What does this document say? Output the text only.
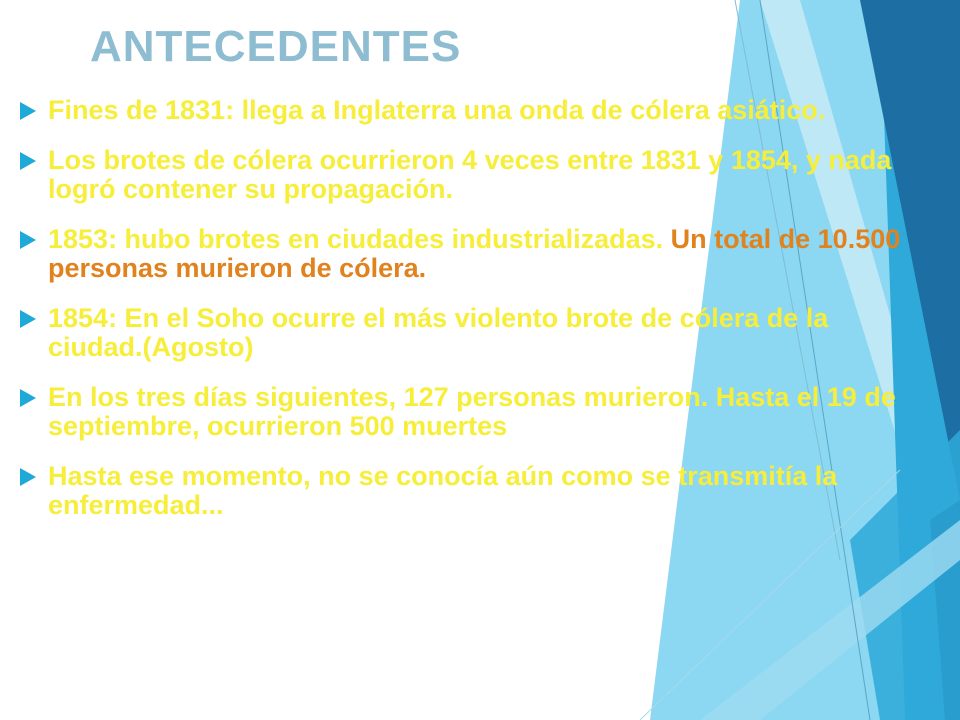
ANTECEDENTES
Fines de 1831: llega a Inglaterra una onda de cólera asiático.
Los brotes de cólera ocurrieron 4 veces entre 1831 y 1854, y nada logró contener su propagación.
1853: hubo brotes en ciudades industrializadas. Un total de 10.500 personas murieron de cólera.
1854: En el Soho ocurre el más violento brote de cólera de la ciudad.(Agosto)
En los tres días siguientes, 127 personas murieron. Hasta el 19 de septiembre, ocurrieron 500 muertes
Hasta ese momento, no se conocía aún como se transmitía la enfermedad...
